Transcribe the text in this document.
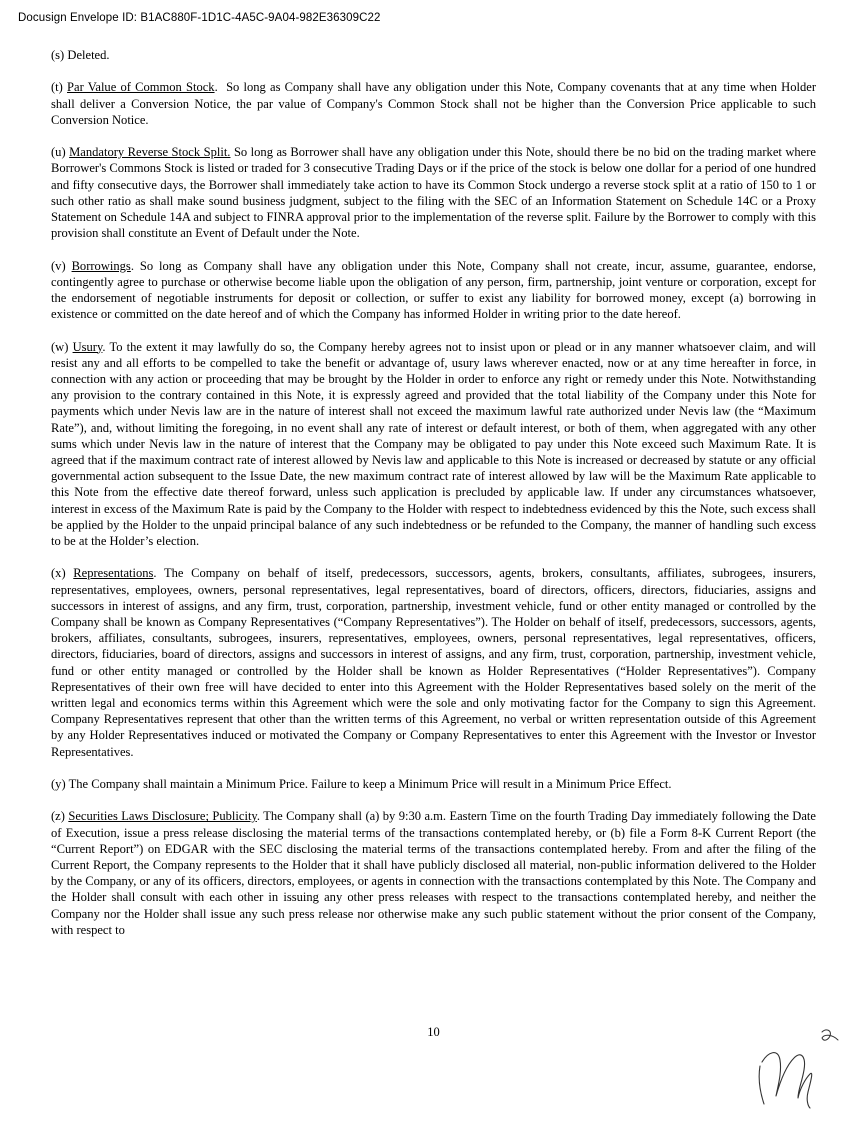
Docusign Envelope ID: B1AC880F-1D1C-4A5C-9A04-982E36309C22

(s) Deleted.

(t) Par Value of Common Stock. So long as Company shall have any obligation under this Note, Company covenants that at any time when Holder shall deliver a Conversion Notice, the par value of Company's Common Stock shall not be higher than the Conversion Price applicable to such Conversion Notice.

(u) Mandatory Reverse Stock Split. So long as Borrower shall have any obligation under this Note, should there be no bid on the trading market where Borrower's Commons Stock is listed or traded for 3 consecutive Trading Days or if the price of the stock is below one dollar for a period of one hundred and fifty consecutive days, the Borrower shall immediately take action to have its Common Stock undergo a reverse stock split at a ratio of 150 to 1 or such other ratio as shall make sound business judgment, subject to the filing with the SEC of an Information Statement on Schedule 14C or a Proxy Statement on Schedule 14A and subject to FINRA approval prior to the implementation of the reverse split. Failure by the Borrower to comply with this provision shall constitute an Event of Default under the Note.

(v) Borrowings. So long as Company shall have any obligation under this Note, Company shall not create, incur, assume, guarantee, endorse, contingently agree to purchase or otherwise become liable upon the obligation of any person, firm, partnership, joint venture or corporation, except for the endorsement of negotiable instruments for deposit or collection, or suffer to exist any liability for borrowed money, except (a) borrowing in existence or committed on the date hereof and of which the Company has informed Holder in writing prior to the date hereof.

(w) Usury. To the extent it may lawfully do so, the Company hereby agrees not to insist upon or plead or in any manner whatsoever claim, and will resist any and all efforts to be compelled to take the benefit or advantage of, usury laws wherever enacted, now or at any time hereafter in force, in connection with any action or proceeding that may be brought by the Holder in order to enforce any right or remedy under this Note. Notwithstanding any provision to the contrary contained in this Note, it is expressly agreed and provided that the total liability of the Company under this Note for payments which under Nevis law are in the nature of interest shall not exceed the maximum lawful rate authorized under Nevis law (the “Maximum Rate”), and, without limiting the foregoing, in no event shall any rate of interest or default interest, or both of them, when aggregated with any other sums which under Nevis law in the nature of interest that the Company may be obligated to pay under this Note exceed such Maximum Rate. It is agreed that if the maximum contract rate of interest allowed by Nevis law and applicable to this Note is increased or decreased by statute or any official governmental action subsequent to the Issue Date, the new maximum contract rate of interest allowed by law will be the Maximum Rate applicable to this Note from the effective date thereof forward, unless such application is precluded by applicable law. If under any circumstances whatsoever, interest in excess of the Maximum Rate is paid by the Company to the Holder with respect to indebtedness evidenced by this the Note, such excess shall be applied by the Holder to the unpaid principal balance of any such indebtedness or be refunded to the Company, the manner of handling such excess to be at the Holder’s election.

(x) Representations. The Company on behalf of itself, predecessors, successors, agents, brokers, consultants, affiliates, subrogees, insurers, representatives, employees, owners, personal representatives, legal representatives, board of directors, officers, directors, fiduciaries, assigns and successors in interest of assigns, and any firm, trust, corporation, partnership, investment vehicle, fund or other entity managed or controlled by the Company shall be known as Company Representatives (“Company Representatives”). The Holder on behalf of itself, predecessors, successors, agents, brokers, affiliates, consultants, subrogees, insurers, representatives, employees, owners, personal representatives, legal representatives, officers, directors, fiduciaries, board of directors, assigns and successors in interest of assigns, and any firm, trust, corporation, partnership, investment vehicle, fund or other entity managed or controlled by the Holder shall be known as Holder Representatives (“Holder Representatives”). Company Representatives of their own free will have decided to enter into this Agreement with the Holder Representatives based solely on the merit of the written legal and economics terms within this Agreement which were the sole and only motivating factor for the Company to sign this Agreement. Company Representatives represent that other than the written terms of this Agreement, no verbal or written representation outside of this Agreement by any Holder Representatives induced or motivated the Company or Company Representatives to enter this Agreement with the Investor or Investor Representatives.

(y) The Company shall maintain a Minimum Price. Failure to keep a Minimum Price will result in a Minimum Price Effect.

(z) Securities Laws Disclosure; Publicity. The Company shall (a) by 9:30 a.m. Eastern Time on the fourth Trading Day immediately following the Date of Execution, issue a press release disclosing the material terms of the transactions contemplated hereby, or (b) file a Form 8-K Current Report (the “Current Report”) on EDGAR with the SEC disclosing the material terms of the transactions contemplated hereby. From and after the filing of the Current Report, the Company represents to the Holder that it shall have publicly disclosed all material, non-public information delivered to the Holder by the Company, or any of its officers, directors, employees, or agents in connection with the transactions contemplated by this Note. The Company and the Holder shall consult with each other in issuing any other press releases with respect to the transactions contemplated hereby, and neither the Company nor the Holder shall issue any such press release nor otherwise make any such public statement without the prior consent of the Company, with respect to

10
